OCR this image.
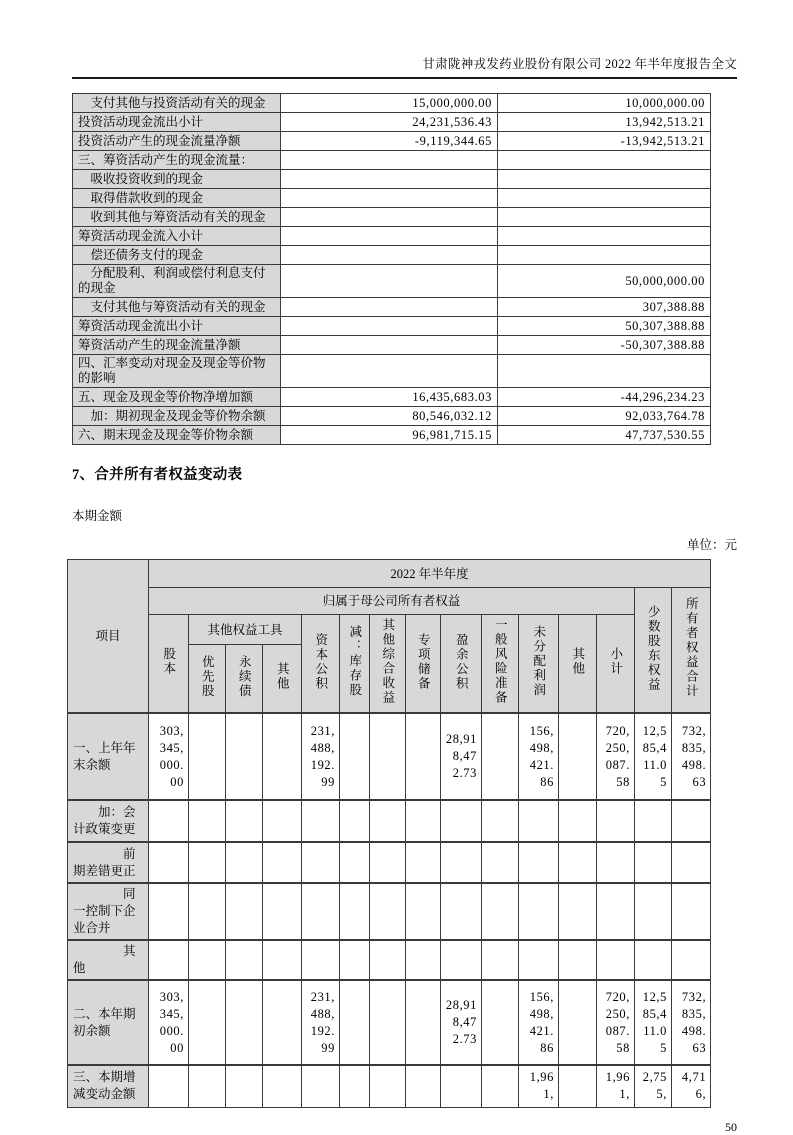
甘肃陇神戎发药业股份有限公司 2022 年半年度报告全文
支付其他与投资活动有关的现金	15,000,000.00	10,000,000.00
投资活动现金流出小计	24,231,536.43	13,942,513.21
投资活动产生的现金流量净额	-9,119,344.65	-13,942,513.21
三、筹资活动产生的现金流量：		
吸收投资收到的现金		
取得借款收到的现金		
收到其他与筹资活动有关的现金		
筹资活动现金流入小计		
偿还债务支付的现金		
分配股利、利润或偿付利息支付的现金		50,000,000.00
支付其他与筹资活动有关的现金		307,388.88
筹资活动现金流出小计		50,307,388.88
筹资活动产生的现金流量净额		-50,307,388.88
四、汇率变动对现金及现金等价物的影响		
五、现金及现金等价物净增加额	16,435,683.03	-44,296,234.23
加：期初现金及现金等价物余额	80,546,032.12	92,033,764.78
六、期末现金及现金等价物余额	96,981,715.15	47,737,530.55
7、合并所有者权益变动表
本期金额
单位：元
项目	2022 年半年度														
	归属于母公司所有者权益													少数股东权益	所有者权益合计
	股本	其他权益工具			资本公积	减：库存股	其他综合收益	专项储备	盈余公积	一般风险准备	未分配利润	其他	小计		
		优先股	永续债	其他											
一、上年年末余额	303,345,000.00				231,488,192.99				28,918,472.73		156,498,421.86		720,250,087.58	12,585,411.05	732,835,498.63
加：会计政策变更															
前期差错更正															
同一控制下企业合并															
其他															
二、本年期初余额	303,345,000.00				231,488,192.99				28,918,472.73		156,498,421.86		720,250,087.58	12,585,411.05	732,835,498.63
三、本期增减变动金额											1,961,		1,961,	2,755,	4,716,
50
